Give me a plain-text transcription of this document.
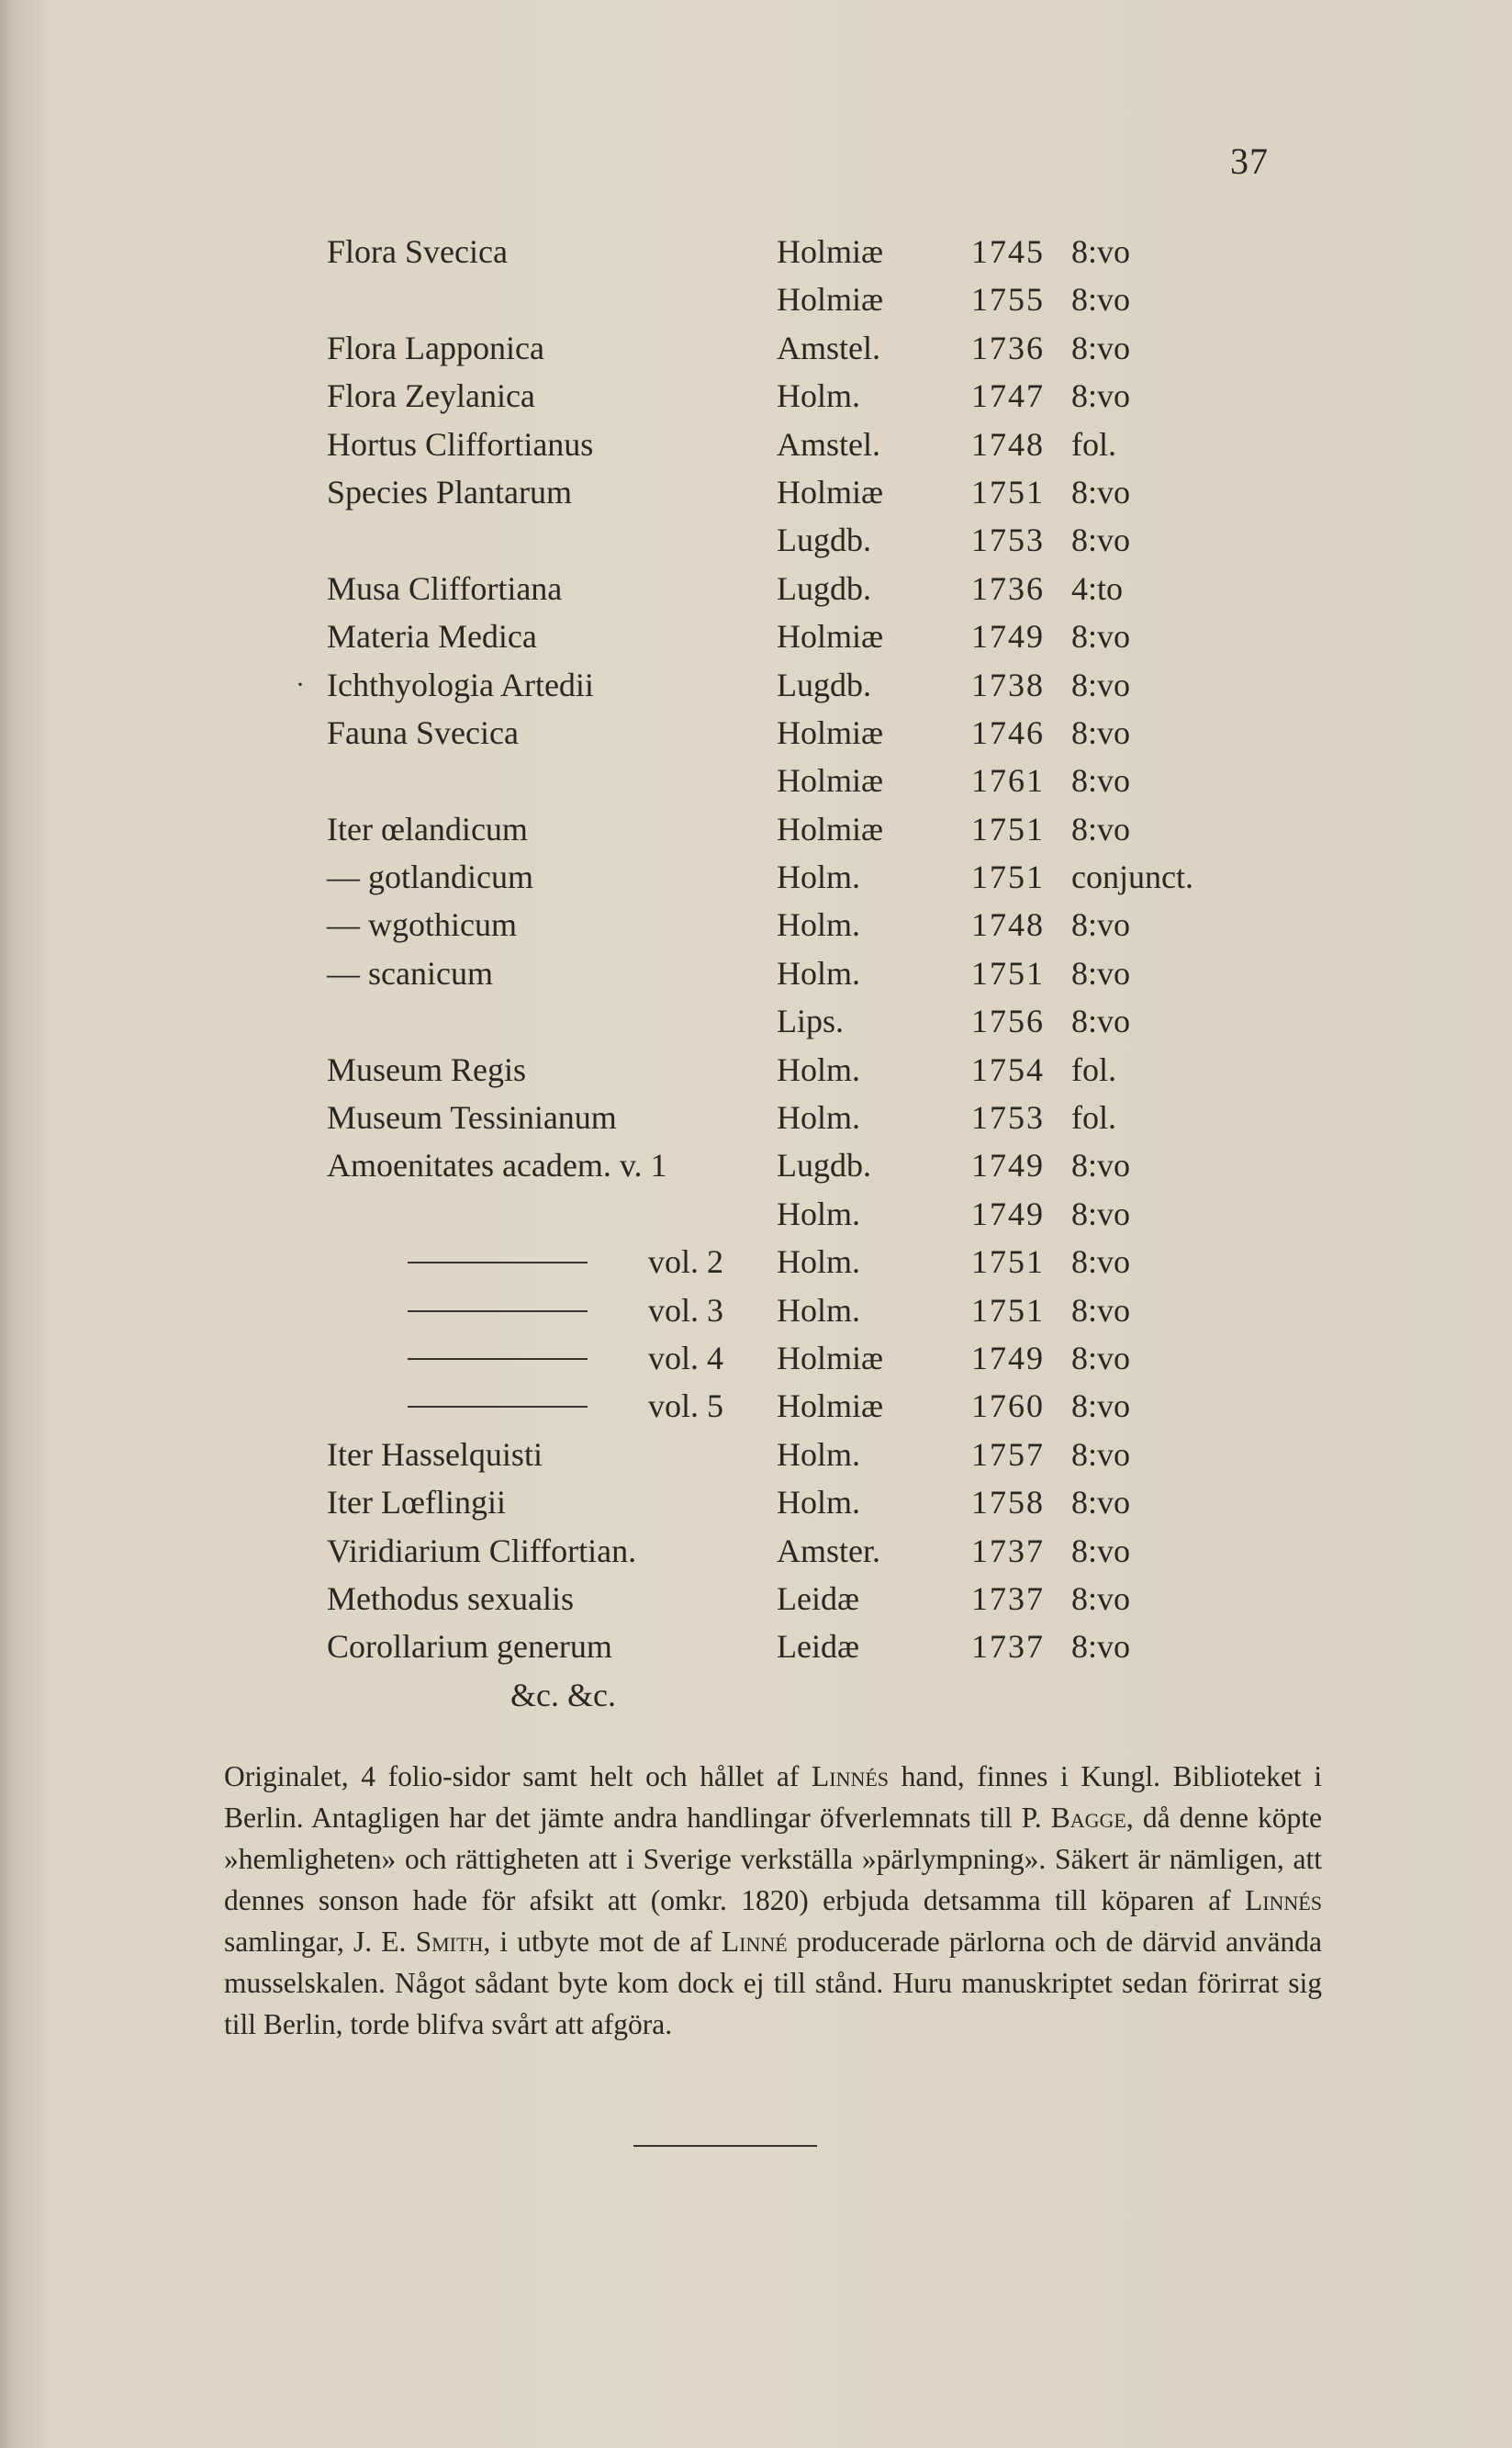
37
Flora Svecica	Holmiæ	1745 8:vo
Holmiæ	1755 8:vo
Flora Lapponica	Amstel.	1736 8:vo
Flora Zeylanica	Holm.	1747 8:vo
Hortus Cliffortianus	Amstel.	1748 fol.
Species Plantarum	Holmiæ	1751 8:vo
Lugdb.	1753 8:vo
Musa Cliffortiana	Lugdb.	1736 4:to
Materia Medica	Holmiæ	1749 8:vo
· Ichthyologia Artedii	Lugdb.	1738 8:vo
Fauna Svecica	Holmiæ	1746 8:vo
Holmiæ	1761 8:vo
Iter œlandicum	Holmiæ	1751 8:vo
— gotlandicum	Holm.	1751 conjunct.
— wgothicum	Holm.	1748 8:vo
— scanicum	Holm.	1751 8:vo
Lips.	1756 8:vo
Museum Regis	Holm.	1754 fol.
Museum Tessinianum	Holm.	1753 fol.
Amoenitates academ. v. 1	Lugdb.	1749 8:vo
Holm.	1749 8:vo
vol. 2 Holm.	1751 8:vo
vol. 3 Holm.	1751 8:vo
vol. 4 Holmiæ	1749 8:vo
vol. 5 Holmiæ	1760 8:vo
Iter Hasselquisti	Holm.	1757 8:vo
Iter Lœflingii	Holm.	1758 8:vo
Viridiarium Cliffortian.	Amster.	1737 8:vo
Methodus sexualis	Leidæ	1737 8:vo
Corollarium generum	Leidæ	1737 8:vo
&c. &c.

Originalet, 4 folio-sidor samt helt och hållet af Linnés hand, finnes i Kungl. Biblioteket i Berlin. Antagligen har det jämte andra handlingar öfverlemnats till P. Bagge, då denne köpte »hemligheten» och rättigheten att i Sverige verkställa »pärlympning». Säkert är nämligen, att dennes sonson hade för afsikt att (omkr. 1820) erbjuda detsamma till köparen af Linnés samlingar, J. E. Smith, i utbyte mot de af Linné producerade pärlorna och de därvid använda musselskalen. Något sådant byte kom dock ej till stånd. Huru manuskriptet sedan förirrat sig till Berlin, torde blifva svårt att afgöra.
